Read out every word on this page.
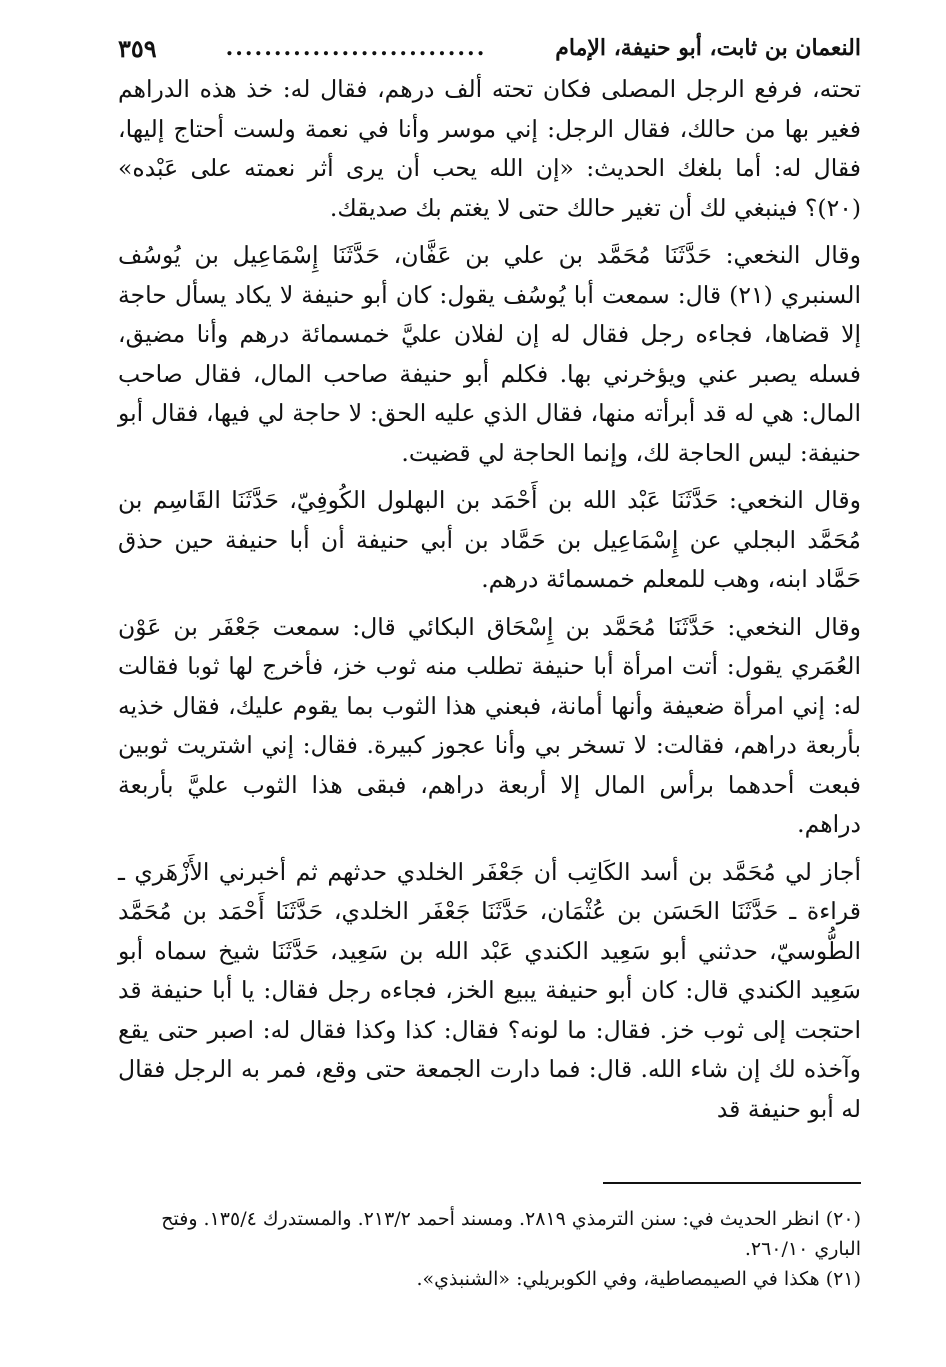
النعمان بن ثابت، أبو حنيفة، الإمام
...........................
٣٥٩

تحته، فرفع الرجل المصلى فكان تحته ألف درهم، فقال له: خذ هذه الدراهم فغير بها من حالك، فقال الرجل: إني موسر وأنا في نعمة ولست أحتاج إليها، فقال له: أما بلغك الحديث: «إن الله يحب أن يرى أثر نعمته على عَبْده» (٢٠)؟ فينبغي لك أن تغير حالك حتى لا يغتم بك صديقك.

وقال النخعي: حَدَّثَنَا مُحَمَّد بن علي بن عَفَّان، حَدَّثَنَا إِسْمَاعِيل بن يُوسُف السنبري (٢١) قال: سمعت أبا يُوسُف يقول: كان أبو حنيفة لا يكاد يسأل حاجة إلا قضاها، فجاءه رجل فقال له إن لفلان عليَّ خمسمائة درهم وأنا مضيق، فسله يصبر عني ويؤخرني بها. فكلم أبو حنيفة صاحب المال، فقال صاحب المال: هي له قد أبرأته منها، فقال الذي عليه الحق: لا حاجة لي فيها، فقال أبو حنيفة: ليس الحاجة لك، وإنما الحاجة لي قضيت.

وقال النخعي: حَدَّثَنَا عَبْد الله بن أَحْمَد بن البهلول الكُوفِيّ، حَدَّثَنَا القَاسِم بن مُحَمَّد البجلي عن إِسْمَاعِيل بن حَمَّاد بن أبي حنيفة أن أبا حنيفة حين حذق حَمَّاد ابنه، وهب للمعلم خمسمائة درهم.

وقال النخعي: حَدَّثَنَا مُحَمَّد بن إِسْحَاق البكائي قال: سمعت جَعْفَر بن عَوْن العُمَري يقول: أتت امرأة أبا حنيفة تطلب منه ثوب خز، فأخرج لها ثوبا فقالت له: إني امرأة ضعيفة وأنها أمانة، فبعني هذا الثوب بما يقوم عليك، فقال خذيه بأربعة دراهم، فقالت: لا تسخر بي وأنا عجوز كبيرة. فقال: إني اشتريت ثوبين فبعت أحدهما برأس المال إلا أربعة دراهم، فبقى هذا الثوب عليَّ بأربعة دراهم.

أجاز لي مُحَمَّد بن أسد الكَاتِب أن جَعْفَر الخلدي حدثهم ثم أخبرني الأَزْهَري ـ قراءة ـ حَدَّثَنَا الحَسَن بن عُثْمَان، حَدَّثَنَا جَعْفَر الخلدي، حَدَّثَنَا أَحْمَد بن مُحَمَّد الطُّوسيّ، حدثني أبو سَعِيد الكندي عَبْد الله بن سَعِيد، حَدَّثَنَا شيخ سماه أبو سَعِيد الكندي قال: كان أبو حنيفة يبيع الخز، فجاءه رجل فقال: يا أبا حنيفة قد احتجت إلى ثوب خز. فقال: ما لونه؟ فقال: كذا وكذا فقال له: اصبر حتى يقع وآخذه لك إن شاء الله. قال: فما دارت الجمعة حتى وقع، فمر به الرجل فقال له أبو حنيفة قد

(٢٠) انظر الحديث في: سنن الترمذي ٢٨١٩. ومسند أحمد ٢١٣/٢. والمستدرك ١٣٥/٤. وفتح الباري ٢٦٠/١٠.

(٢١) هكذا في الصيمصاطية، وفي الكوبريلي: «الشنبذي».
